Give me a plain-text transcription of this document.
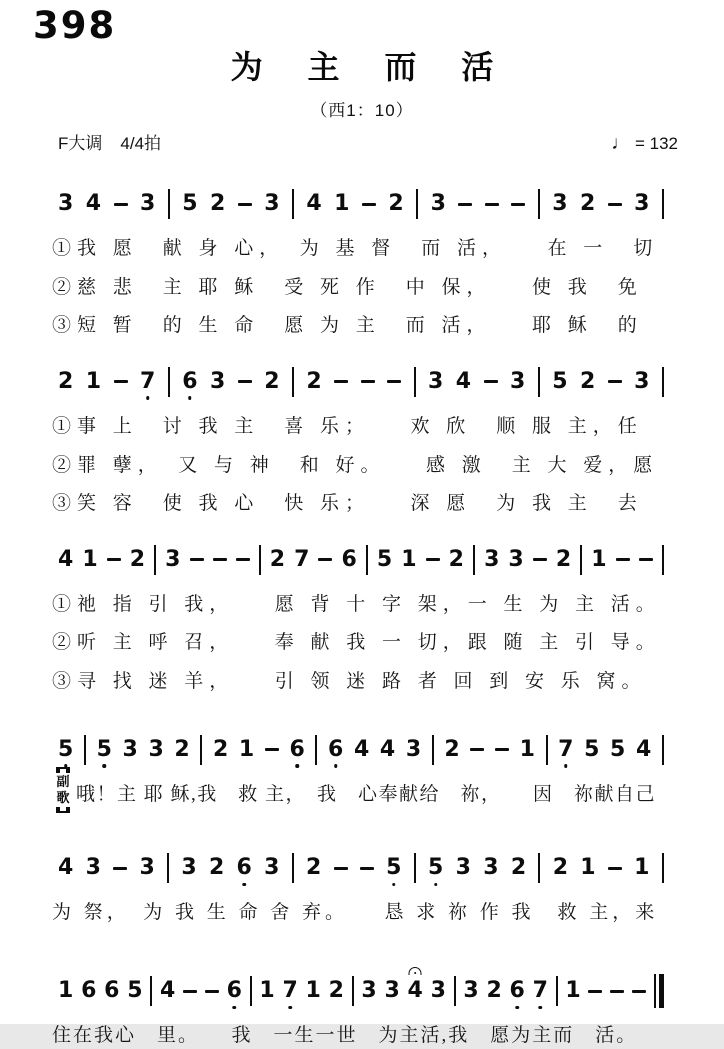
398
为 主 而 活
（西1：10）
F大调 4/4拍	♩ = 132
3 4 3 5 2 3 4 1 2 3	3 2 3
①我 愿　献 身 心，　为 基 督　而 活，　　在 一　切
②慈 悲　主 耶 稣　受 死 作　中 保，　　使 我　免
③短 暂　的 生 命　愿 为 主　而 活，　　耶 稣　的
2 1 7 6 3 2 2	3 4 3 5 2 3
①事 上　讨 我 主　喜 乐；　　欢 欣　顺 服 主，任
②罪 孽，　又 与 神　和 好。　　感 激　主 大 爱，愿
③笑 容　使 我 心　快 乐；　　深 愿　为 我 主　去
4 1 2 3	2 7 6 5 1 2 3 3 2 1
①祂 指 引 我，　　愿 背 十 字 架，一 生 为 主 活。
②听 主 呼 召，　　奉 献 我 一 切，跟 随 主 引 导。
③寻 找 迷 羊，　　引 领 迷 路 者 回 到 安 乐 窝。
5 5 3 3 2 2 1 6 6 4 4 3 2	1 7 5 5 4
副
歌 哦！主 耶 稣,我　救 主，　我　心奉献给　祢，　　因　祢献自己
4 3 3 3 2 6 3 2	5 5 3 3 2 2 1 1
为 祭，　为 我 生 命 舍 弃。　　恳 求 祢 作 我　救 主，来
1 6 6 5 4 6 1 7 1 2 3 3 4 3 3 2 6 7 1
住在我心　里。　　我　一生一世　为主活,我　愿为主而　活。
